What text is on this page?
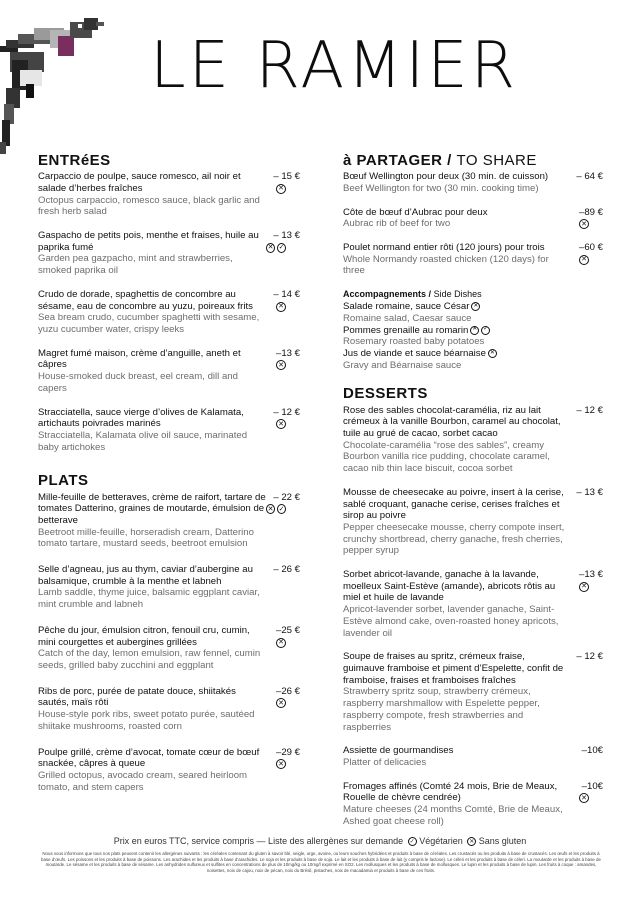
LE RAMIER
ENTRéES
Carpaccio de poulpe, sauce romesco, ail noir et salade d’herbes fraîches
Octopus carpaccio, romesco sauce, black garlic and fresh herb salad
– 15 €
✕
Gaspacho de petits pois, menthe et fraises, huile au paprika fumé
Garden pea gazpacho, mint and strawberries, smoked paprika oil
– 13 €
✕ ✓
Crudo de dorade, spaghettis de concombre au sésame, eau de concombre au yuzu, poireaux frits
Sea bream crudo, cucumber spaghetti with sesame, yuzu cucumber water, crispy leeks
– 14 €
✕
Magret fumé maison, crème d’anguille, aneth et câpres
House-smoked duck breast, eel cream, dill and capers
–13 €
✕
Stracciatella, sauce vierge d’olives de Kalamata, artichauts poivrades marinés
Stracciatella, Kalamata olive oil sauce, marinated baby artichokes
– 12 €
✕
PLATS
Mille-feuille de betteraves, crème de raifort, tartare de tomates Datterino, graines de moutarde, émulsion de betterave
Beetroot mille-feuille, horseradish cream, Datterino tomato tartare, mustard seeds, beetroot emulsion
– 22 €
✕ ✓
Selle d’agneau, jus au thym, caviar d’aubergine au balsamique, crumble à la menthe et labneh
Lamb saddle, thyme juice, balsamic eggplant caviar, mint crumble and labneh
– 26 €
Pêche du jour, émulsion citron, fenouil cru, cumin, mini courgettes et aubergines grillées
Catch of the day, lemon emulsion, raw fennel, cumin seeds, grilled baby zucchini and eggplant
–25 €
✕
Ribs de porc, purée de patate douce, shiitakés sautés, maïs rôti
House-style pork ribs, sweet potato purée, sautéed shiitake mushrooms, roasted corn
–26 €
✕
Poulpe grillé, crème d’avocat, tomate cœur de bœuf snackée, câpres à queue
Grilled octopus, avocado cream, seared heirloom tomato, and stem capers
–29 €
✕
à PARTAGER / TO SHARE
Bœuf Wellington pour deux (30 min. de cuisson)
Beef Wellington for two (30 min. cooking time)
– 64 €
Côte de bœuf d’Aubrac pour deux
Aubrac rib of beef for two
–89 €
✕
Poulet normand entier rôti (120 jours) pour trois
Whole Normandy roasted chicken (120 days) for three
–60 €
✕
Accompagnements / Side Dishes
Salade romaine, sauce César ✕
Romaine salad, Caesar sauce
Pommes grenaille au romarin ✕ ✓
Rosemary roasted baby potatoes
Jus de viande et sauce béarnaise ✕
Gravy and Béarnaise sauce
DESSERTS
Rose des sables chocolat-caramélia, riz au lait crémeux à la vanille Bourbon, caramel au chocolat, tuile au grué de cacao, sorbet cacao
Chocolate-caramélia “rose des sables”, creamy Bourbon vanilla rice pudding, chocolate caramel, cacao nib thin lace biscuit, cocoa sorbet
– 12 €
Mousse de cheesecake au poivre, insert à la cerise, sablé croquant, ganache cerise, cerises fraîches et sirop au poivre
Pepper cheesecake mousse, cherry compote insert, crunchy shortbread, cherry ganache, fresh cherries, pepper syrup
– 13 €
Sorbet abricot-lavande, ganache à la lavande, moelleux Saint-Estève (amande), abricots rôtis au miel et huile de lavande
Apricot-lavender sorbet, lavender ganache, Saint-Estève almond cake, oven-roasted honey apricots, lavender oil
–13 €
✕
Soupe de fraises au spritz, crémeux fraise, guimauve framboise et piment d’Espelette, confit de framboise, fraises et framboises fraîches
Strawberry spritz soup, strawberry crémeux, raspberry marshmallow with Espelette pepper, raspberry compote, fresh strawberries and raspberries
– 12 €
Assiette de gourmandises
Platter of delicacies
–10€
Fromages affinés (Comté 24 mois, Brie de Meaux, Rouelle de chèvre cendrée)
Mature cheeses (24 months Comté, Brie de Meaux, Ashed goat cheese roll)
–10€
✕
Prix en euros TTC, service compris — Liste des allergènes sur demande ✓ Végétarien ✕ Sans gluten
Nous vous informons que tous nos plats peuvent contenir les allergènes suivants : les céréales contenant du gluten à savoir blé, seigle, orge, avoine, ou leurs souches hybridées et produits à base de céréales. Les crustacés ou les produits à base de crustacés. Les œufs et les produits à base d’œufs. Les poissons et les produits à base de poissons. Les arachides et les produits à base d’arachides. Le soja et les produits à base de soja. Le lait et les produits à base de lait (y compris le lactose). Le céleri et les produits à base de céleri. La moutarde et les produits à base de moutarde. Le sésame et les produits à base de sésame. Les anhydrides sulfureux et sulfites en concentrations de plus de 10mg/kg ou 10mg/l exprimé en SO2. Les mollusques et les produits à base de mollusques. Le lupin et les produits à base de lupin. Les fruits à coque : amandes, noisettes, noix de cajou, noix de pécan, noix du Brésil, pistaches, noix de macadamia et produits à base de ces fruits.
